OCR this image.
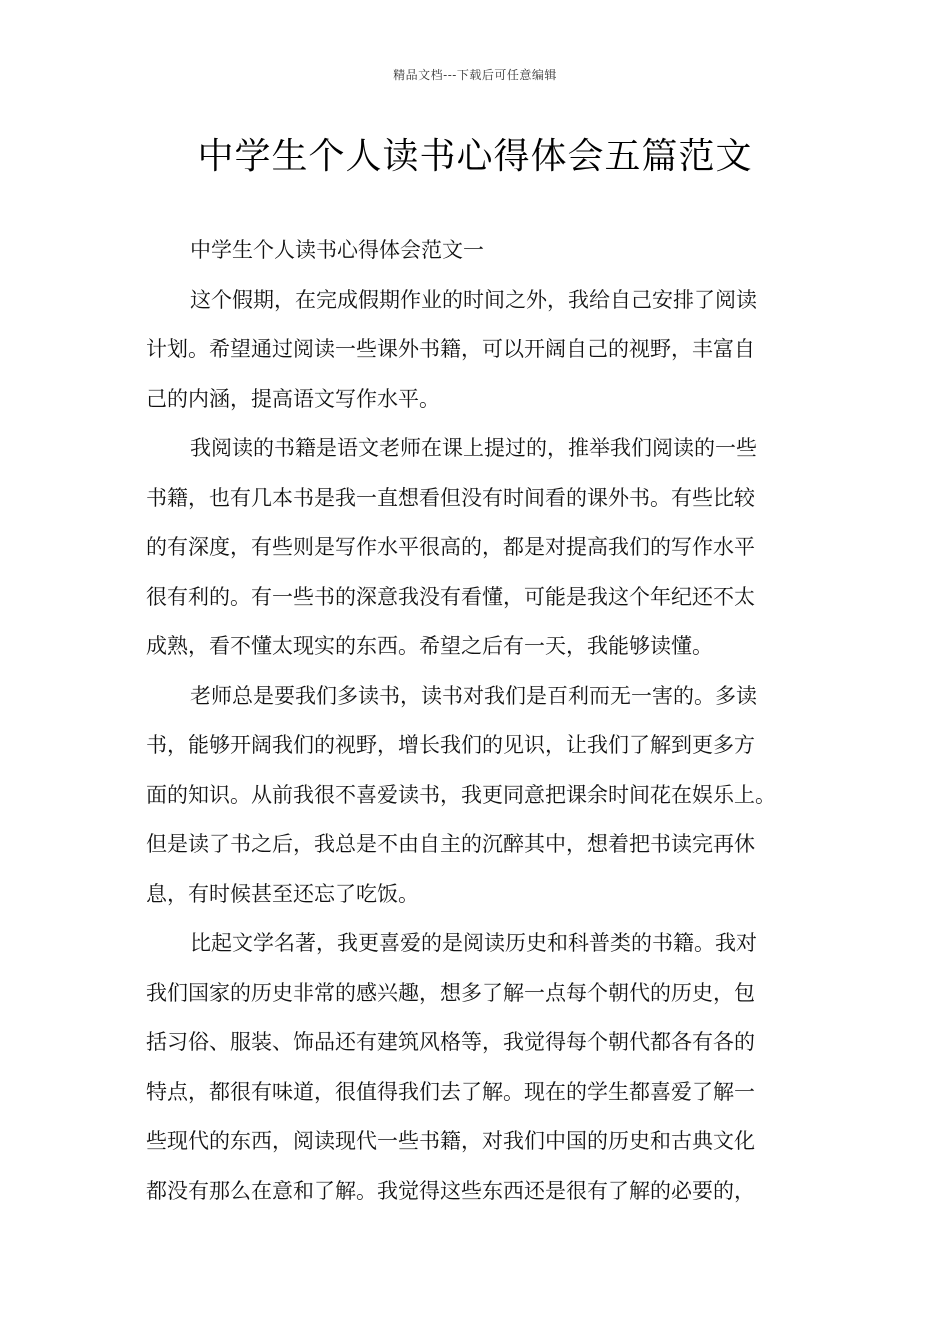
精品文档---下载后可任意编辑
中学生个人读书心得体会五篇范文
中学生个人读书心得体会范文一

这个假期，在完成假期作业的时间之外，我给自己安排了阅读
计划。希望通过阅读一些课外书籍，可以开阔自己的视野，丰富自
己的内涵，提高语文写作水平。

我阅读的书籍是语文老师在课上提过的，推举我们阅读的一些
书籍，也有几本书是我一直想看但没有时间看的课外书。有些比较
的有深度，有些则是写作水平很高的，都是对提高我们的写作水平
很有利的。有一些书的深意我没有看懂，可能是我这个年纪还不太
成熟，看不懂太现实的东西。希望之后有一天，我能够读懂。

老师总是要我们多读书，读书对我们是百利而无一害的。多读
书，能够开阔我们的视野，增长我们的见识，让我们了解到更多方
面的知识。从前我很不喜爱读书，我更同意把课余时间花在娱乐上。
但是读了书之后，我总是不由自主的沉醉其中，想着把书读完再休
息，有时候甚至还忘了吃饭。

比起文学名著，我更喜爱的是阅读历史和科普类的书籍。我对
我们国家的历史非常的感兴趣，想多了解一点每个朝代的历史，包
括习俗、服装、饰品还有建筑风格等，我觉得每个朝代都各有各的
特点，都很有味道，很值得我们去了解。现在的学生都喜爱了解一
些现代的东西，阅读现代一些书籍，对我们中国的历史和古典文化
都没有那么在意和了解。我觉得这些东西还是很有了解的必要的，
